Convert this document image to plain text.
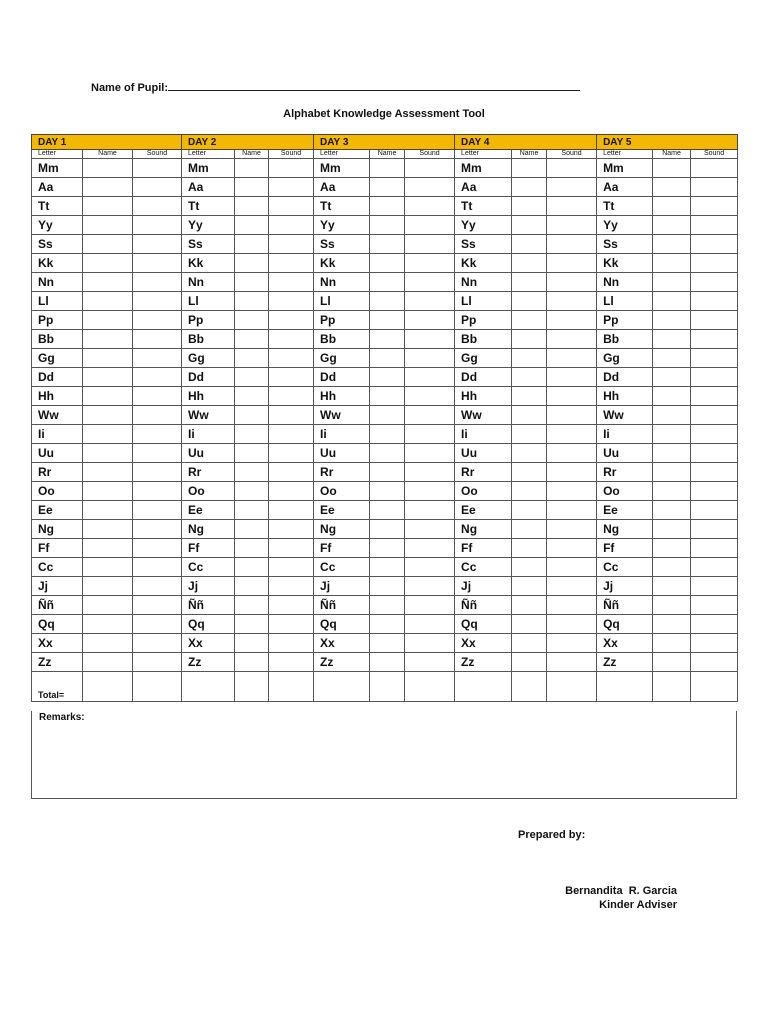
Name of Pupil:
Alphabet Knowledge Assessment Tool
DAY 1			DAY 2			DAY 3			DAY 4			DAY 5		
Letter	Name	Sound	Letter	Name	Sound	Letter	Name	Sound	Letter	Name	Sound	Letter	Name	Sound
Mm			Mm			Mm			Mm			Mm		
Aa			Aa			Aa			Aa			Aa		
Tt			Tt			Tt			Tt			Tt		
Yy			Yy			Yy			Yy			Yy		
Ss			Ss			Ss			Ss			Ss		
Kk			Kk			Kk			Kk			Kk		
Nn			Nn			Nn			Nn			Nn		
Ll			Ll			Ll			Ll			Ll		
Pp			Pp			Pp			Pp			Pp		
Bb			Bb			Bb			Bb			Bb		
Gg			Gg			Gg			Gg			Gg		
Dd			Dd			Dd			Dd			Dd		
Hh			Hh			Hh			Hh			Hh		
Ww			Ww			Ww			Ww			Ww		
Ii			Ii			Ii			Ii			Ii		
Uu			Uu			Uu			Uu			Uu		
Rr			Rr			Rr			Rr			Rr		
Oo			Oo			Oo			Oo			Oo		
Ee			Ee			Ee			Ee			Ee		
Ng			Ng			Ng			Ng			Ng		
Ff			Ff			Ff			Ff			Ff		
Cc			Cc			Cc			Cc			Cc		
Jj			Jj			Jj			Jj			Jj		
Ññ			Ññ			Ññ			Ññ			Ññ		
Qq			Qq			Qq			Qq			Qq		
Xx			Xx			Xx			Xx			Xx		
Zz			Zz			Zz			Zz			Zz		
Total=														
Remarks:
Prepared by:
Bernandita  R. Garcia
Kinder Adviser
